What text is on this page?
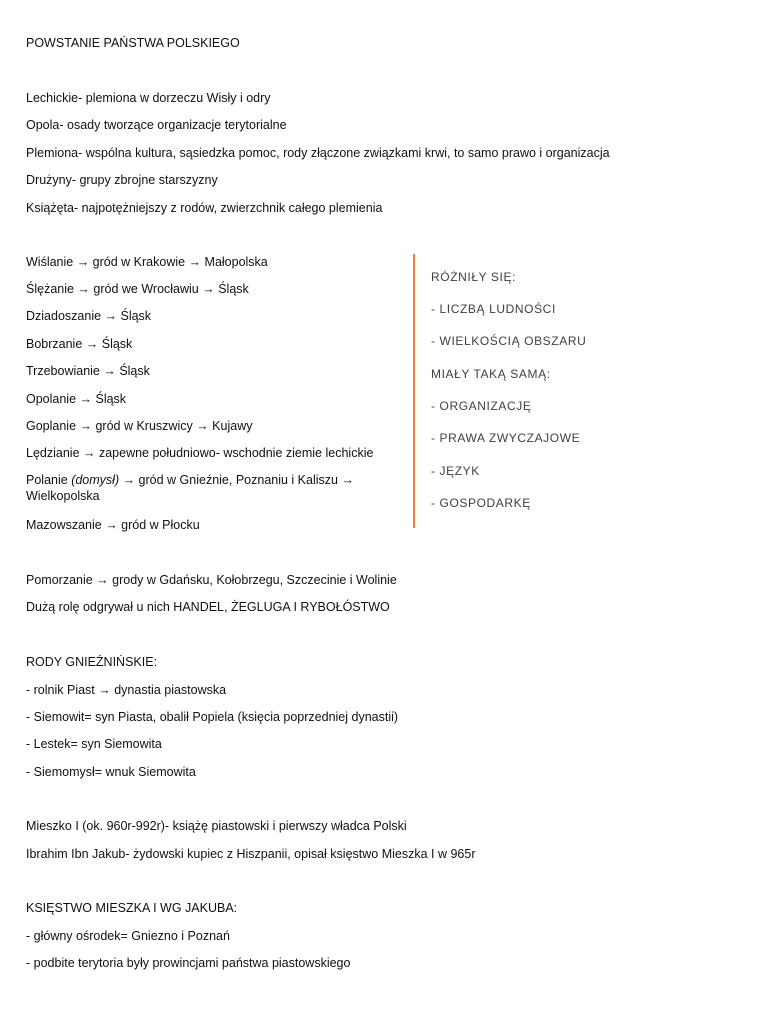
POWSTANIE PAŃSTWA POLSKIEGO
Lechickie- plemiona w dorzeczu Wisły i odry
Opola- osady tworzące organizacje terytorialne
Plemiona- wspólna kultura, sąsiedzka pomoc, rody złączone związkami krwi, to samo prawo i organizacja
Drużyny- grupy zbrojne starszyzny
Książęta- najpotężniejszy z rodów, zwierzchnik całego plemienia
Wiślanie → gród w Krakowie → Małopolska
Ślężanie → gród we Wrocławiu → Śląsk
Dziadoszanie → Śląsk
Bobrzanie → Śląsk
Trzebowianie → Śląsk
Opolanie → Śląsk
Goplanie → gród w Kruszwicy → Kujawy
Lędzianie → zapewne południowo- wschodnie ziemie lechickie
Polanie (domysł) → gród w Gnieźnie, Poznaniu i Kaliszu → Wielkopolska
Mazowszanie → gród w Płocku
RÓŻNIŁY SIĘ:
- LICZBĄ LUDNOŚCI
- WIELKOŚCIĄ OBSZARU
MIAŁY TAKĄ SAMĄ:
- ORGANIZACJĘ
- PRAWA ZWYCZAJOWE
- JĘZYK
- GOSPODARKĘ
Pomorzanie → grody w Gdańsku, Kołobrzegu, Szczecinie i Wolinie
Dużą rolę odgrywał u nich HANDEL, ŻEGLUGA I RYBOŁÓSTWO
RODY GNIEŹNIŃSKIE:
- rolnik Piast → dynastia piastowska
- Siemowit= syn Piasta, obalił Popiela (księcia poprzedniej dynastii)
- Lestek= syn Siemowita
- Siemomysł= wnuk Siemowita
Mieszko I (ok. 960r-992r)- książę piastowski i pierwszy władca Polski
Ibrahim Ibn Jakub- żydowski kupiec z Hiszpanii, opisał księstwo Mieszka I w 965r
KSIĘSTWO MIESZKA I WG JAKUBA:
- główny ośrodek= Gniezno i Poznań
- podbite terytoria były prowincjami państwa piastowskiego
